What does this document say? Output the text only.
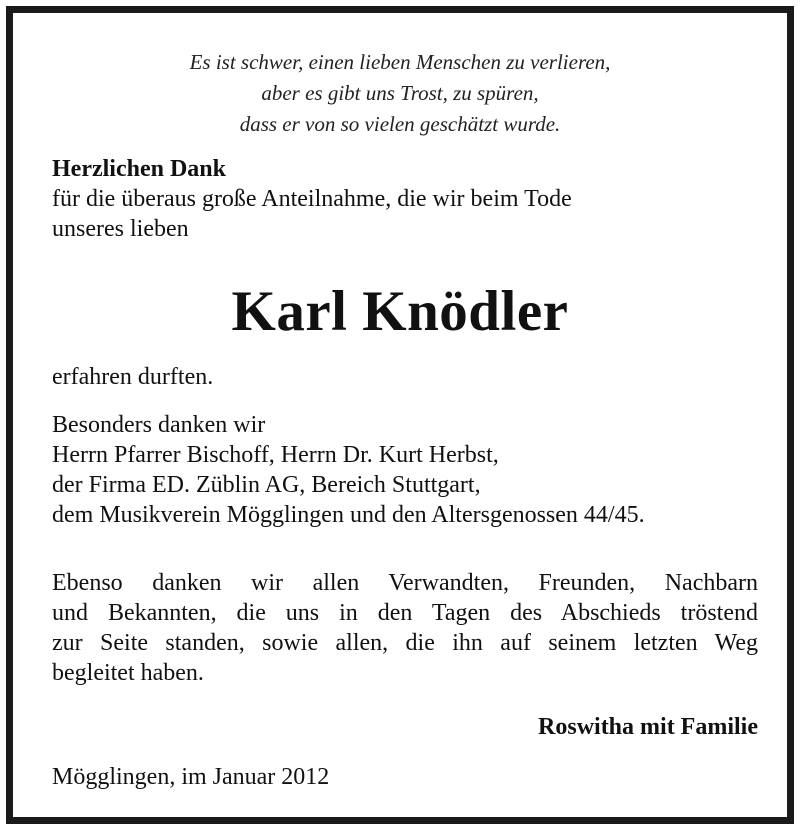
Es ist schwer, einen lieben Menschen zu verlieren,
aber es gibt uns Trost, zu spüren,
dass er von so vielen geschätzt wurde.
Herzlichen Dank
für die überaus große Anteilnahme, die wir beim Tode
unseres lieben
Karl Knödler
erfahren durften.
Besonders danken wir
Herrn Pfarrer Bischoff, Herrn Dr. Kurt Herbst,
der Firma ED. Züblin AG, Bereich Stuttgart,
dem Musikverein Mögglingen und den Altersgenossen 44/45.
Ebenso danken wir allen Verwandten, Freunden, Nachbarn
und Bekannten, die uns in den Tagen des Abschieds tröstend
zur Seite standen, sowie allen, die ihn auf seinem letzten Weg
begleitet haben.
Roswitha mit Familie
Mögglingen, im Januar 2012
